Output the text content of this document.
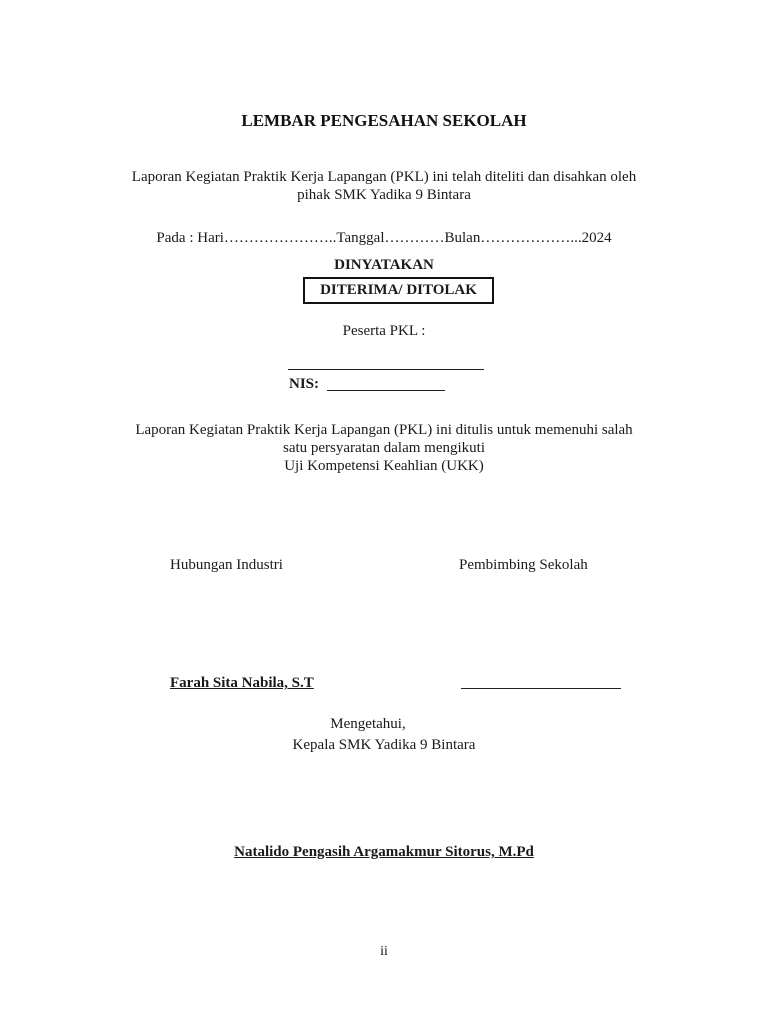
LEMBAR PENGESAHAN SEKOLAH
Laporan Kegiatan Praktik Kerja Lapangan (PKL) ini telah diteliti dan disahkan oleh
pihak SMK Yadika 9 Bintara
Pada : Hari…………………..Tanggal…………Bulan………………...2024
DINYATAKAN
DITERIMA/ DITOLAK
Peserta PKL :
NIS:
Laporan Kegiatan Praktik Kerja Lapangan (PKL) ini ditulis untuk memenuhi salah
satu persyaratan dalam mengikuti
Uji Kompetensi Keahlian (UKK)
Hubungan Industri	Pembimbing Sekolah
Farah Sita Nabila, S.T
Mengetahui,
Kepala SMK Yadika 9 Bintara
Natalido Pengasih Argamakmur Sitorus, M.Pd
ii
